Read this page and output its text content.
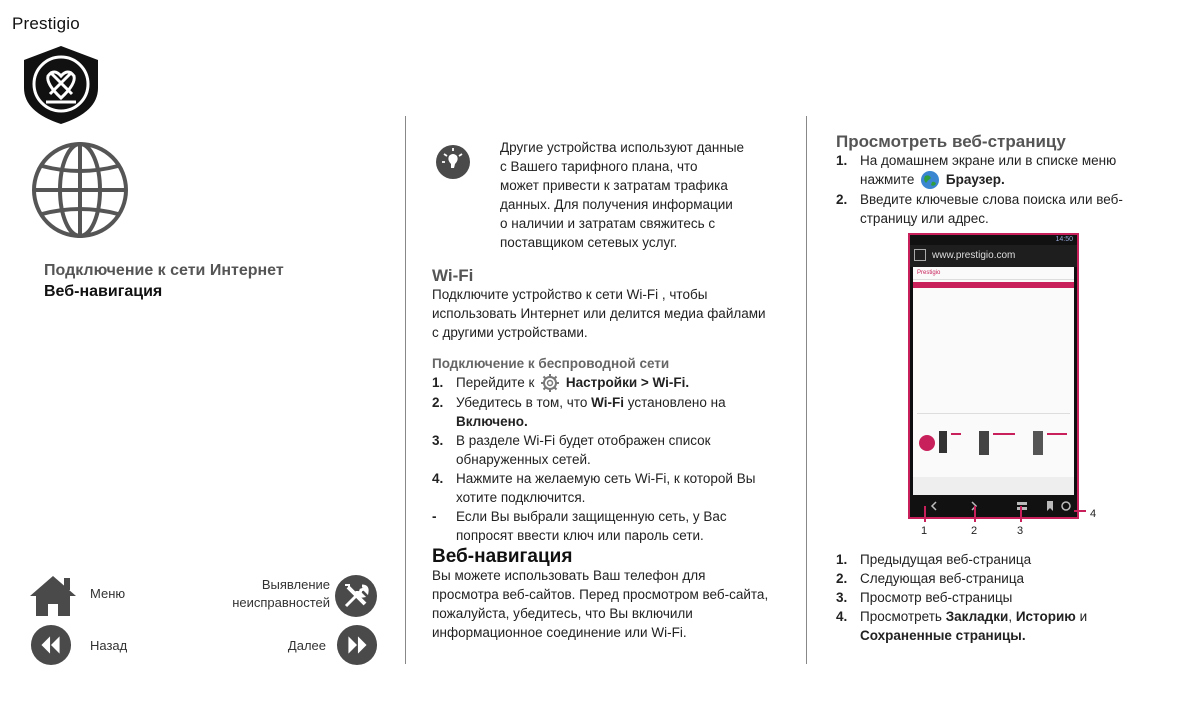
Prestigio
Подключение к сети Интернет
Веб-навигация
Меню
Выявление
неисправностей
Назад	Далее
Другие устройства используют данные
с Вашего тарифного плана, что
может привести к затратам трафика
данных. Для получения информации
о наличии и затратам свяжитесь с
поставщиком сетевых услуг.
Wi-Fi

Подключите устройство к сети Wi-Fi , чтобы использовать Интернет или делится медиа файлами с другими устройствами.

Подключение к беспроводной сети
1. Перейдите к Настройки > Wi-Fi.
2. Убедитесь в том, что Wi-Fi установлено на Включено.
3. В разделе Wi-Fi будет отображен список обнаруженных сетей.
4. Нажмите на желаемую сеть Wi-Fi, к которой Вы хотите подключится.
- Если Вы выбрали защищенную сеть, у Вас попросят ввести ключ или пароль сети.
Веб-навигация

Вы можете использовать Ваш телефон для просмотра веб-сайтов. Перед просмотром веб-сайта, пожалуйста, убедитесь, что Вы включили информационное соединение или Wi-Fi.

Просмотреть веб-страницу
1. На домашнем экране или в списке меню нажмите Браузер.
2. Введите ключевые слова поиска или веб-страницу или адрес.
14:50
www.prestigio.com
Prestigio
1	2	3
4
1. Предыдущая веб-страница
2. Следующая веб-страница
3. Просмотр веб-страницы
4. Просмотреть Закладки, Историю и Сохраненные страницы.
